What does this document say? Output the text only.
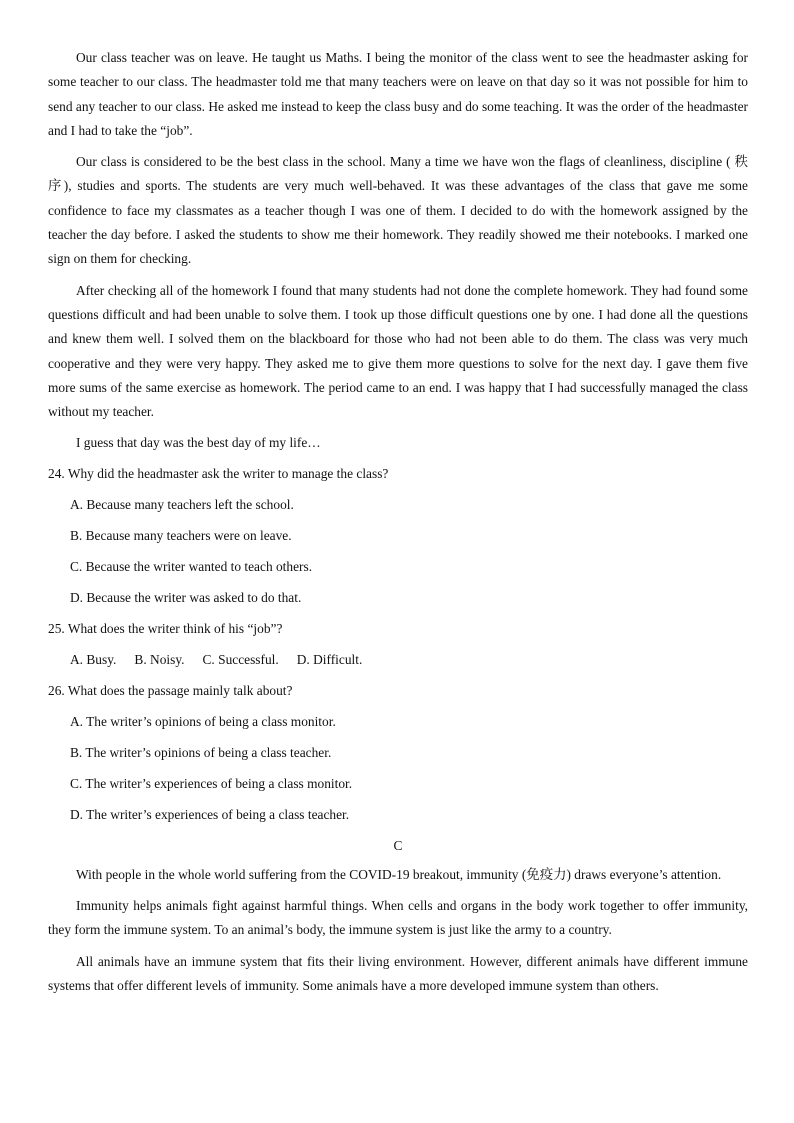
Our class teacher was on leave. He taught us Maths. I being the monitor of the class went to see the headmaster asking for some teacher to our class. The headmaster told me that many teachers were on leave on that day so it was not possible for him to send any teacher to our class. He asked me instead to keep the class busy and do some teaching. It was the order of the headmaster and I had to take the “job”.

Our class is considered to be the best class in the school. Many a time we have won the flags of cleanliness, discipline ( 秩序), studies and sports. The students are very much well-behaved. It was these advantages of the class that gave me some confidence to face my classmates as a teacher though I was one of them. I decided to do with the homework assigned by the teacher the day before. I asked the students to show me their homework. They readily showed me their notebooks. I marked one sign on them for checking.

After checking all of the homework I found that many students had not done the complete homework. They had found some questions difficult and had been unable to solve them. I took up those difficult questions one by one. I had done all the questions and knew them well. I solved them on the blackboard for those who had not been able to do them. The class was very much cooperative and they were very happy. They asked me to give them more questions to solve for the next day. I gave them five more sums of the same exercise as homework. The period came to an end. I was happy that I had successfully managed the class without my teacher.

I guess that day was the best day of my life…

24. Why did the headmaster ask the writer to manage the class?

A. Because many teachers left the school.

B. Because many teachers were on leave.

C. Because the writer wanted to teach others.

D. Because the writer was asked to do that.

25. What does the writer think of his “job”?

A. Busy. B. Noisy. C. Successful. D. Difficult.

26. What does the passage mainly talk about?

A. The writer’s opinions of being a class monitor.

B. The writer’s opinions of being a class teacher.

C. The writer’s experiences of being a class monitor.

D. The writer’s experiences of being a class teacher.

C

With people in the whole world suffering from the COVID-19 breakout, immunity (免疫力) draws everyone’s attention.

Immunity helps animals fight against harmful things. When cells and organs in the body work together to offer immunity, they form the immune system. To an animal’s body, the immune system is just like the army to a country.

All animals have an immune system that fits their living environment. However, different animals have different immune systems that offer different levels of immunity. Some animals have a more developed immune system than others.
